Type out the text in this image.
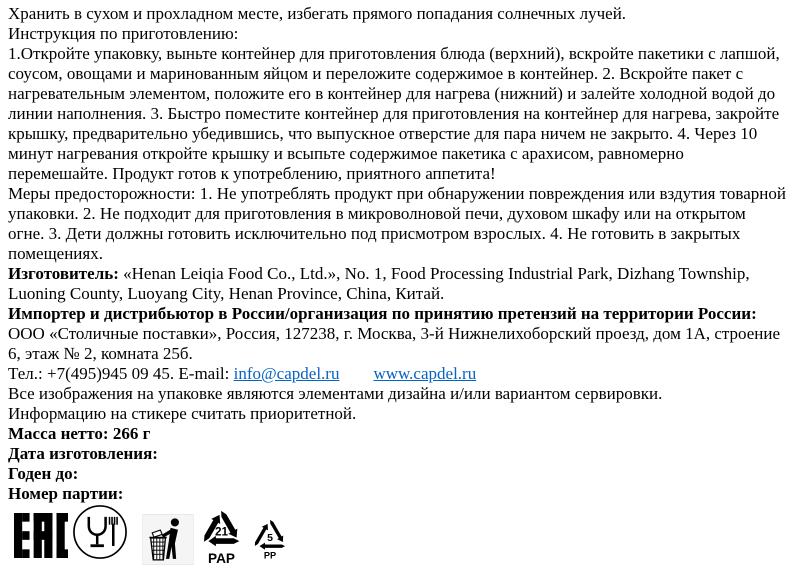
Хранить в сухом и прохладном месте, избегать прямого попадания солнечных лучей.
Инструкция по приготовлению:
1.Откройте упаковку, выньте контейнер для приготовления блюда (верхний), вскройте пакетики с лапшой,
соусом, овощами и маринованным яйцом и переложите содержимое в контейнер. 2. Вскройте пакет с
нагревательным элементом, положите его в контейнер для нагрева (нижний) и залейте холодной водой до
линии наполнения. 3. Быстро поместите контейнер для приготовления на контейнер для нагрева, закройте
крышку, предварительно убедившись, что выпускное отверстие для пара ничем не закрыто. 4. Через 10
минут нагревания откройте крышку и всыпьте содержимое пакетика с арахисом, равномерно
перемешайте. Продукт готов к употреблению, приятного аппетита!
Меры предосторожности: 1. Не употреблять продукт при обнаружении повреждения или вздутия товарной
упаковки. 2. Не подходит для приготовления в микроволновой печи, духовом шкафу или на открытом
огне. 3. Дети должны готовить исключительно под присмотром взрослых. 4. Не готовить в закрытых
помещениях.
Изготовитель: «Henan Leiqia Food Co., Ltd.», No. 1, Food Processing Industrial Park, Dizhang Township,
Luoning County, Luoyang City, Henan Province, China, Китай.
Импортер и дистрибьютор в России/организация по принятию претензий на территории России:
ООО «Столичные поставки», Россия, 127238, г. Москва, 3-й Нижнелихоборский проезд, дом 1А, строение
6, этаж № 2, комната 25б.
Тел.: +7(495)945 09 45. E-mail: info@capdel.ru www.capdel.ru
Все изображения на упаковке являются элементами дизайна и/или вариантом сервировки.
Информацию на стикере считать приоритетной.
Масса нетто: 266 г
Дата изготовления:
Годен до:
Номер партии:
21
PAP
5
PP
